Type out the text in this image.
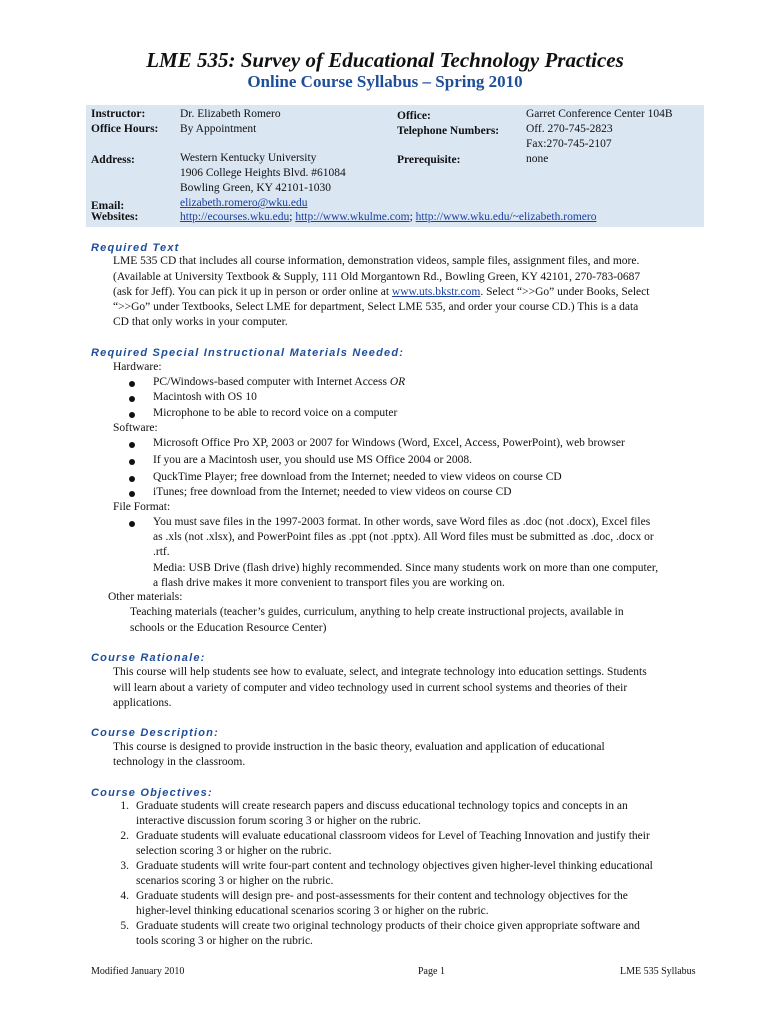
LME 535: Survey of Educational Technology Practices
Online Course Syllabus – Spring 2010
Instructor:	Dr. Elizabeth Romero
Office Hours: By Appointment
Office:	Garret Conference Center 104B
Telephone Numbers: Off. 270-745-2823
Fax:270-745-2107
Address:	Western Kentucky University
1906 College Heights Blvd. #61084
Bowling Green, KY 42101-1030
Prerequisite:	none
Email:	elizabeth.romero@wku.edu
Websites:	http://ecourses.wku.edu; http://www.wkulme.com; http://www.wku.edu/~elizabeth.romero
Required Text
LME 535 CD that includes all course information, demonstration videos, sample files, assignment files, and more.
(Available at University Textbook & Supply, 111 Old Morgantown Rd., Bowling Green, KY 42101, 270-783-0687
(ask for Jeff). You can pick it up in person or order online at www.uts.bkstr.com. Select “>>Go” under Books, Select
“>>Go” under Textbooks, Select LME for department, Select LME 535, and order your course CD.) This is a data
CD that only works in your computer.
Required Special Instructional Materials Needed:
Hardware:
PC/Windows-based computer with Internet Access OR
Macintosh with OS 10
Microphone to be able to record voice on a computer
Software:
Microsoft Office Pro XP, 2003 or 2007 for Windows (Word, Excel, Access, PowerPoint), web browser
If you are a Macintosh user, you should use MS Office 2004 or 2008.
QuckTime Player; free download from the Internet; needed to view videos on course CD
iTunes; free download from the Internet; needed to view videos on course CD
File Format:
You must save files in the 1997-2003 format. In other words, save Word files as .doc (not .docx), Excel files
as .xls (not .xlsx), and PowerPoint files as .ppt (not .pptx). All Word files must be submitted as .doc, .docx or
.rtf.
Media: USB Drive (flash drive) highly recommended. Since many students work on more than one computer,
a flash drive makes it more convenient to transport files you are working on.
Other materials:
Teaching materials (teacher’s guides, curriculum, anything to help create instructional projects, available in
schools or the Education Resource Center)
Course Rationale:
This course will help students see how to evaluate, select, and integrate technology into education settings. Students
will learn about a variety of computer and video technology used in current school systems and theories of their
applications.
Course Description:
This course is designed to provide instruction in the basic theory, evaluation and application of educational
technology in the classroom.
Course Objectives:
1. Graduate students will create research papers and discuss educational technology topics and concepts in an
interactive discussion forum scoring 3 or higher on the rubric.
2. Graduate students will evaluate educational classroom videos for Level of Teaching Innovation and justify their
selection scoring 3 or higher on the rubric.
3. Graduate students will write four-part content and technology objectives given higher-level thinking educational
scenarios scoring 3 or higher on the rubric.
4. Graduate students will design pre- and post-assessments for their content and technology objectives for the
higher-level thinking educational scenarios scoring 3 or higher on the rubric.
5. Graduate students will create two original technology products of their choice given appropriate software and
tools scoring 3 or higher on the rubric.
Modified January 2010	Page 1	LME 535 Syllabus
